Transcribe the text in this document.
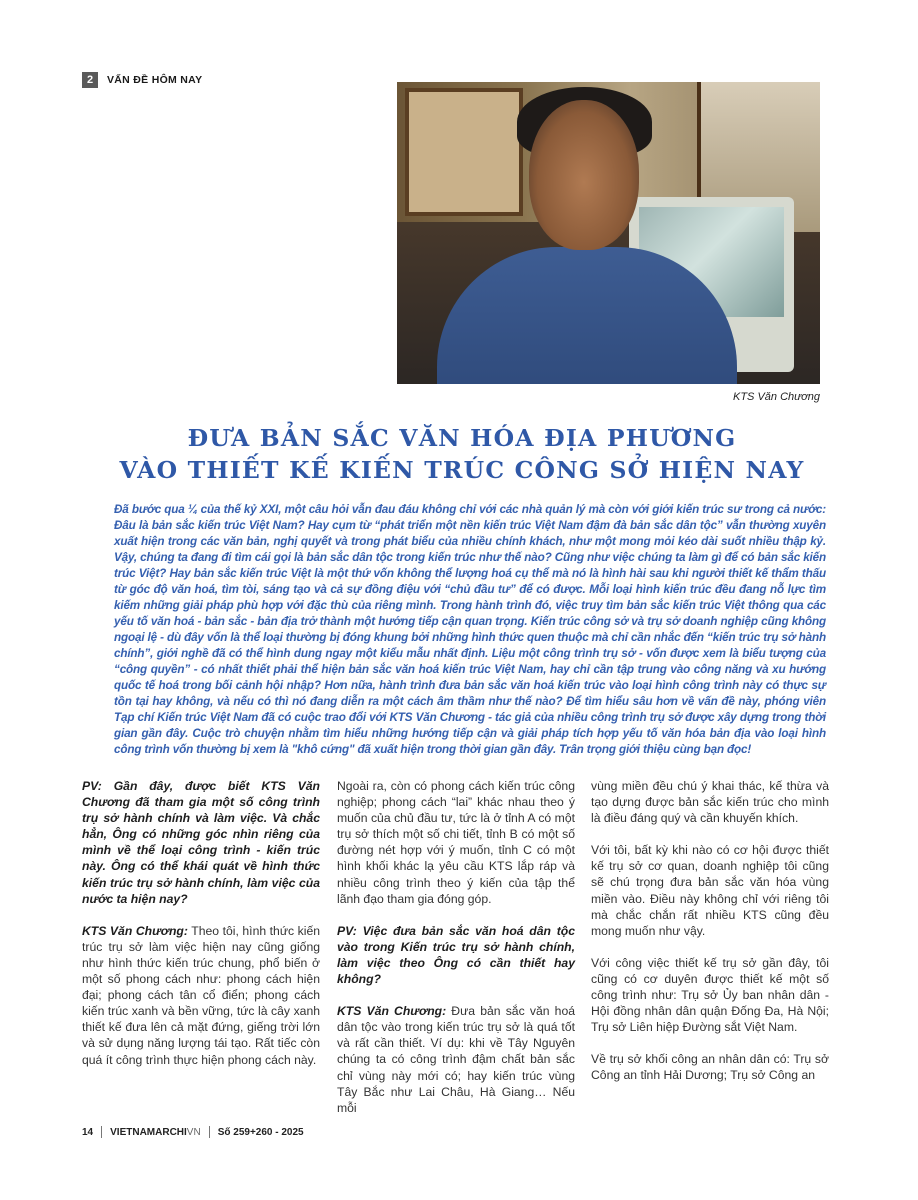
2	VẤN ĐỀ HÔM NAY
KTS Văn Chương
ĐƯA BẢN SẮC VĂN HÓA ĐỊA PHƯƠNG
VÀO THIẾT KẾ KIẾN TRÚC CÔNG SỞ HIỆN NAY
Đã bước qua ¼ của thế kỷ XXI, một câu hỏi vẫn đau đáu không chỉ với các nhà quản lý mà còn với giới kiến trúc sư trong cả nước: Đâu là bản sắc kiến trúc Việt Nam? Hay cụm từ “phát triển một nền kiến trúc Việt Nam đậm đà bản sắc dân tộc” vẫn thường xuyên xuất hiện trong các văn bản, nghị quyết và trong phát biểu của nhiều chính khách, như một mong mỏi kéo dài suốt nhiều thập kỷ. Vậy, chúng ta đang đi tìm cái gọi là bản sắc dân tộc trong kiến trúc như thế nào? Cũng như việc chúng ta làm gì để có bản sắc kiến trúc Việt? Hay bản sắc kiến trúc Việt là một thứ vốn không thể lượng hoá cụ thể mà nó là hình hài sau khi người thiết kế thẩm thấu từ góc độ văn hoá, tìm tòi, sáng tạo và cả sự đồng điệu với “chủ đầu tư” để có được. Mỗi loại hình kiến trúc đều đang nỗ lực tìm kiếm những giải pháp phù hợp với đặc thù của riêng mình. Trong hành trình đó, việc truy tìm bản sắc kiến trúc Việt thông qua các yếu tố văn hoá - bản sắc - bản địa trở thành một hướng tiếp cận quan trọng. Kiến trúc công sở và trụ sở doanh nghiệp cũng không ngoại lệ - dù đây vốn là thể loại thường bị đóng khung bởi những hình thức quen thuộc mà chỉ cần nhắc đến “kiến trúc trụ sở hành chính”, giới nghề đã có thể hình dung ngay một kiểu mẫu nhất định. Liệu một công trình trụ sở - vốn được xem là biểu tượng của “công quyền” - có nhất thiết phải thể hiện bản sắc văn hoá kiến trúc Việt Nam, hay chỉ cần tập trung vào công năng và xu hướng quốc tế hoá trong bối cảnh hội nhập? Hơn nữa, hành trình đưa bản sắc văn hoá kiến trúc vào loại hình công trình này có thực sự tồn tại hay không, và nếu có thì nó đang diễn ra một cách âm thầm như thế nào? Để tìm hiểu sâu hơn về vấn đề này, phóng viên Tạp chí Kiến trúc Việt Nam đã có cuộc trao đổi với KTS Văn Chương - tác giả của nhiều công trình trụ sở được xây dựng trong thời gian gần đây. Cuộc trò chuyện nhằm tìm hiểu những hướng tiếp cận và giải pháp tích hợp yếu tố văn hóa bản địa vào loại hình công trình vốn thường bị xem là "khô cứng" đã xuất hiện trong thời gian gần đây. Trân trọng giới thiệu cùng bạn đọc!

PV: Gần đây, được biết KTS Văn Chương đã tham gia một số công trình trụ sở hành chính và làm việc. Và chắc hẳn, Ông có những góc nhìn riêng của mình về thể loại công trình - kiến trúc này. Ông có thể khái quát về hình thức kiến trúc trụ sở hành chính, làm việc của nước ta hiện nay?

KTS Văn Chương: Theo tôi, hình thức kiến trúc trụ sở làm việc hiện nay cũng giống như hình thức kiến trúc chung, phổ biến ở một số phong cách như: phong cách hiện đại; phong cách tân cổ điển; phong cách kiến trúc xanh và bền vững, tức là cây xanh thiết kế đưa lên cả mặt đứng, giếng trời lớn và sử dụng năng lượng tái tạo. Rất tiếc còn quá ít công trình thực hiện phong cách này.

Ngoài ra, còn có phong cách kiến trúc công nghiệp; phong cách “lai” khác nhau theo ý muốn của chủ đầu tư, tức là ở tỉnh A có một trụ sở thích một số chi tiết, tỉnh B có một số đường nét hợp với ý muốn, tỉnh C có một hình khối khác lạ yêu cầu KTS lắp ráp và nhiều công trình theo ý kiến của tập thể lãnh đạo tham gia đóng góp.

PV: Việc đưa bản sắc văn hoá dân tộc vào trong Kiến trúc trụ sở hành chính, làm việc theo Ông có cần thiết hay không?

KTS Văn Chương: Đưa bản sắc văn hoá dân tộc vào trong kiến trúc trụ sở là quá tốt và rất cần thiết. Ví dụ: khi về Tây Nguyên chúng ta có công trình đậm chất bản sắc chỉ vùng này mới có; hay kiến trúc vùng Tây Bắc như Lai Châu, Hà Giang… Nếu mỗi

vùng miền đều chú ý khai thác, kế thừa và tạo dựng được bản sắc kiến trúc cho mình là điều đáng quý và cần khuyến khích.

Với tôi, bất kỳ khi nào có cơ hội được thiết kế trụ sở cơ quan, doanh nghiệp tôi cũng sẽ chú trọng đưa bản sắc văn hóa vùng miền vào. Điều này không chỉ với riêng tôi mà chắc chắn rất nhiều KTS cũng đều mong muốn như vậy.

Với công việc thiết kế trụ sở gần đây, tôi cũng có cơ duyên được thiết kế một số công trình như: Trụ sở Ủy ban nhân dân - Hội đồng nhân dân quận Đống Đa, Hà Nội; Trụ sở Liên hiệp Đường sắt Việt Nam.

Về trụ sở khối công an nhân dân có: Trụ sở Công an tỉnh Hải Dương; Trụ sở Công an

14 VIETNAMARCHIVN Số 259+260 - 2025
